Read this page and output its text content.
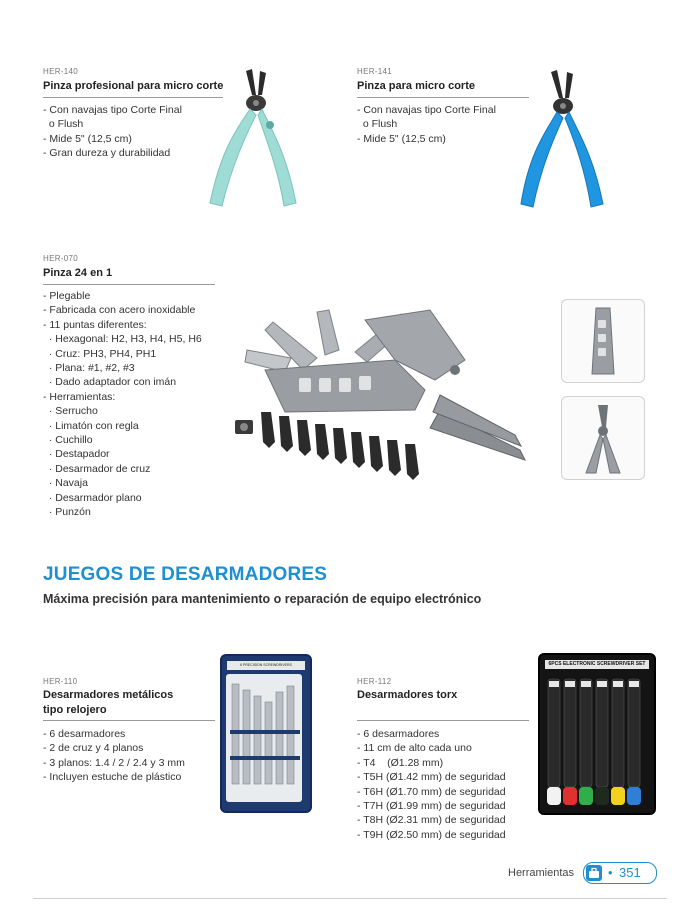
HER-140
Pinza profesional para micro corte
- Con navajas tipo Corte Final
o Flush
- Mide 5" (12,5 cm)
- Gran dureza y durabilidad
HER-141
Pinza para micro corte
- Con navajas tipo Corte Final
o Flush
- Mide 5" (12,5 cm)
HER-070
Pinza 24 en 1
- Plegable
- Fabricada con acero inoxidable
- 11 puntas diferentes:
· Hexagonal: H2, H3, H4, H5, H6
· Cruz: PH3, PH4, PH1
· Plana: #1, #2, #3
· Dado adaptador con imán
- Herramientas:
· Serrucho
· Limatón con regla
· Cuchillo
· Destapador
· Desarmador de cruz
· Navaja
· Desarmador plano
· Punzón
JUEGOS DE DESARMADORES
Máxima precisión para mantenimiento o reparación de equipo electrónico
HER-110
Desarmadores metálicos
tipo relojero
- 6 desarmadores
- 2 de cruz y 4 planos
- 3 planos: 1.4 / 2 / 2.4 y 3 mm
- Incluyen estuche de plástico
6 PRECISION SCREWDRIVERS
HER-112
Desarmadores torx
- 6 desarmadores
- 11 cm de alto cada uno
- T4    (Ø1.28 mm)
- T5H (Ø1.42 mm) de seguridad
- T6H (Ø1.70 mm) de seguridad
- T7H (Ø1.99 mm) de seguridad
- T8H (Ø2.31 mm) de seguridad
- T9H (Ø2.50 mm) de seguridad
6PCS ELECTRONIC SCREWDRIVER SET
Herramientas	• 351
